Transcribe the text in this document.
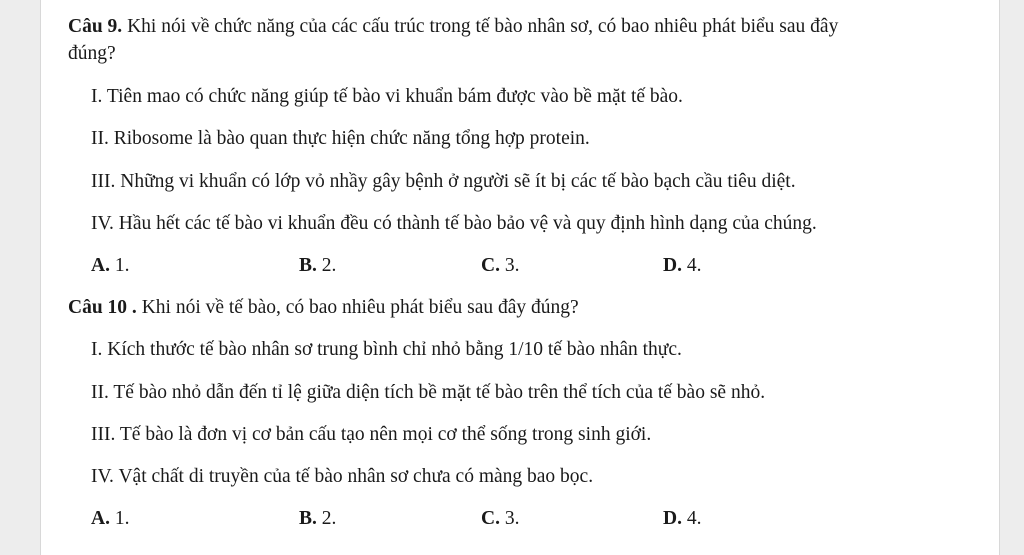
Câu 9. Khi nói về chức năng của các cấu trúc trong tế bào nhân sơ, có bao nhiêu phát biểu sau đây
đúng?
I. Tiên mao có chức năng giúp tế bào vi khuẩn bám được vào bề mặt tế bào.
II. Ribosome là bào quan thực hiện chức năng tổng hợp protein.
III. Những vi khuẩn có lớp vỏ nhầy gây bệnh ở người sẽ ít bị các tế bào bạch cầu tiêu diệt.
IV. Hầu hết các tế bào vi khuẩn đều có thành tế bào bảo vệ và quy định hình dạng của chúng.
A. 1.	B. 2.	C. 3.	D. 4.
Câu 10 . Khi nói về tế bào, có bao nhiêu phát biểu sau đây đúng?
I. Kích thước tế bào nhân sơ trung bình chỉ nhỏ bằng 1/10 tế bào nhân thực.
II. Tế bào nhỏ dẫn đến tỉ lệ giữa diện tích bề mặt tế bào trên thể tích của tế bào sẽ nhỏ.
III. Tế bào là đơn vị cơ bản cấu tạo nên mọi cơ thể sống trong sinh giới.
IV. Vật chất di truyền của tế bào nhân sơ chưa có màng bao bọc.
A. 1.	B. 2.	C. 3.	D. 4.
